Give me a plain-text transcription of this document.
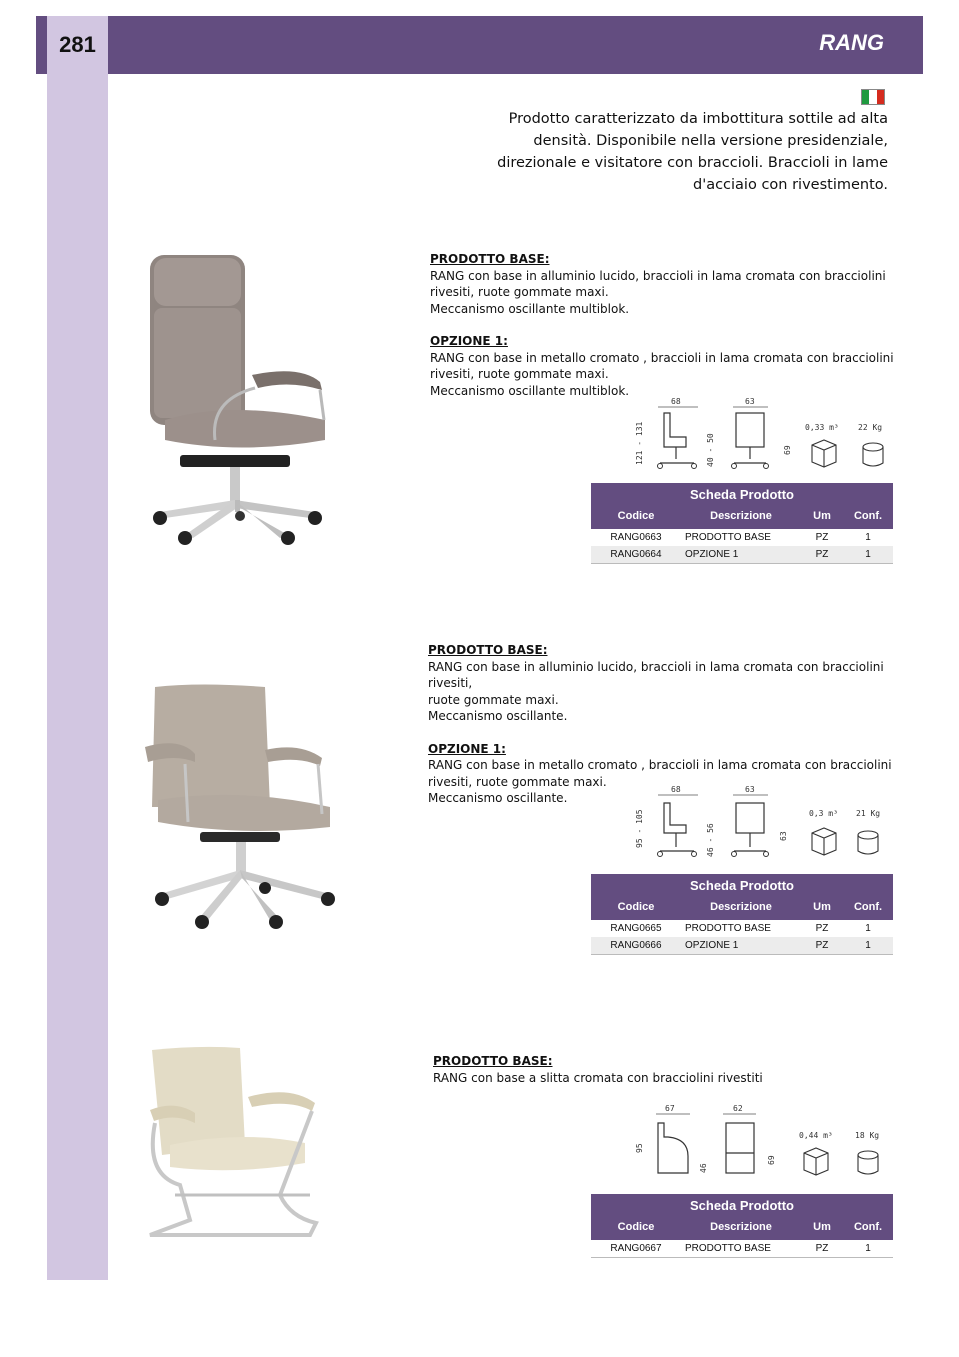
281	RANG
Prodotto caratterizzato da imbottitura sottile ad alta densità. Disponibile nella versione presidenziale, direzionale e visitatore con braccioli. Braccioli in lame d'acciaio con rivestimento.
PRODOTTO BASE:
RANG con base in alluminio lucido, braccioli in lama cromata con bracciolini
rivesiti, ruote gommate maxi.
Meccanismo oscillante multiblok.
OPZIONE 1:
RANG con base in metallo cromato , braccioli in lama cromata con bracciolini
rivesiti, ruote gommate maxi.
Meccanismo oscillante multiblok.
68	63
121 - 131	40 - 50	69
0,33 m³ 22 Kg
Scheda Prodotto			
Codice	Descrizione	Um	Conf.
RANG0663	PRODOTTO BASE	PZ	1
RANG0664	OPZIONE 1	PZ	1
PRODOTTO BASE:
RANG con base in alluminio lucido, braccioli in lama cromata con bracciolini rivesiti,
ruote gommate maxi.
Meccanismo oscillante.
OPZIONE 1:
RANG con base in metallo cromato , braccioli in lama cromata con bracciolini
rivesiti, ruote gommate maxi.
Meccanismo oscillante.
68	63
95 - 105	46 - 56	63
0,3 m³ 21 Kg
Scheda Prodotto			
Codice	Descrizione	Um	Conf.
RANG0665	PRODOTTO BASE	PZ	1
RANG0666	OPZIONE 1	PZ	1
PRODOTTO BASE:
RANG con base a slitta cromata con bracciolini rivestiti
67	62
95
46
69
0,44 m³	18 Kg
Scheda Prodotto			
Codice	Descrizione	Um	Conf.
RANG0667	PRODOTTO BASE	PZ	1
